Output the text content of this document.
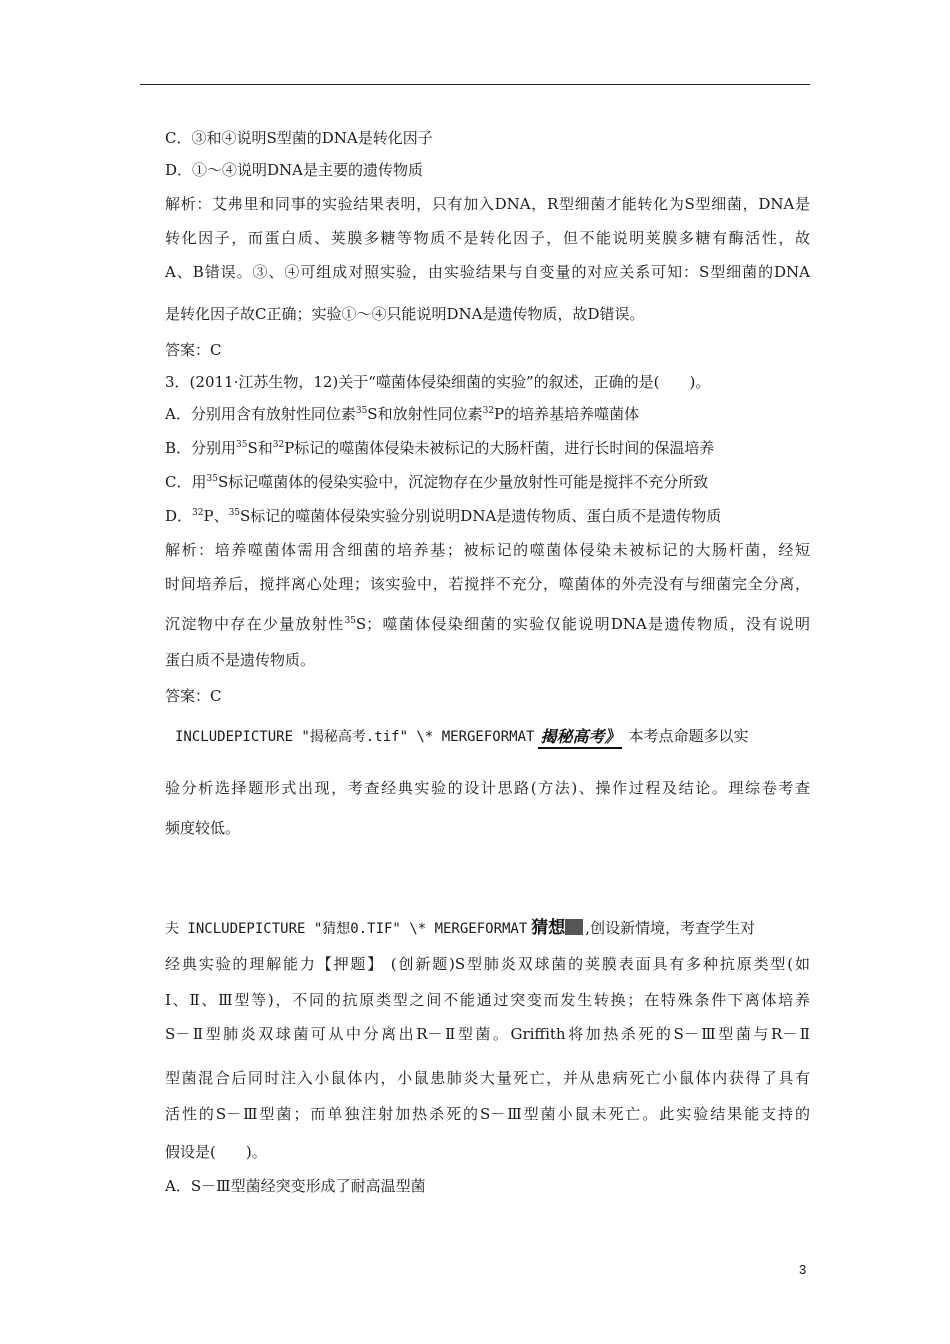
C．③和④说明S型菌的DNA是转化因子
D．①～④说明DNA是主要的遗传物质
解析：艾弗里和同事的实验结果表明，只有加入DNA，R型细菌才能转化为S型细菌，DNA是
转化因子，而蛋白质、荚膜多糖等物质不是转化因子，但不能说明荚膜多糖有酶活性，故
A、B错误。③、④可组成对照实验，由实验结果与自变量的对应关系可知：S型细菌的DNA
是转化因子故C正确；实验①～④只能说明DNA是遗传物质，故D错误。
答案：C
3．(2011·江苏生物，12)关于“噬菌体侵染细菌的实验”的叙述，正确的是(　　)。
A．分别用含有放射性同位素$^{35}$S和放射性同位素$^{32}$P的培养基培养噬菌体
B．分别用$^{35}$S和$^{32}$P标记的噬菌体侵染未被标记的大肠杆菌，进行长时间的保温培养
C．用$^{35}$S标记噬菌体的侵染实验中，沉淀物存在少量放射性可能是搅拌不充分所致
D．$^{32}$P、$^{35}$S标记的噬菌体侵染实验分别说明DNA是遗传物质、蛋白质不是遗传物质
解析：培养噬菌体需用含细菌的培养基；被标记的噬菌体侵染未被标记的大肠杆菌，经短
时间培养后，搅拌离心处理；该实验中，若搅拌不充分，噬菌体的外壳没有与细菌完全分离，
沉淀物中存在少量放射性$^{35}$S；噬菌体侵染细菌的实验仅能说明DNA是遗传物质，没有说明
蛋白质不是遗传物质。
答案：C
INCLUDEPICTURE "揭秘高考.tif" \* MERGEFORMAT 揭秘高考》 本考点命题多以实
验分析选择题形式出现，考查经典实验的设计思路(方法)、操作过程及结论。理综卷考查
频度较低。
夫 INCLUDEPICTURE "猜想0.TIF" \* MERGEFORMAT 猜想 ,创设新情境，考查学生对
经典实验的理解能力【押题】 (创新题)S型肺炎双球菌的荚膜表面具有多种抗原类型(如
Ⅰ、Ⅱ、Ⅲ型等)，不同的抗原类型之间不能通过突变而发生转换；在特殊条件下离体培养
S－Ⅱ型肺炎双球菌可从中分离出R－Ⅱ型菌。Griffith将加热杀死的S－Ⅲ型菌与R－Ⅱ
型菌混合后同时注入小鼠体内，小鼠患肺炎大量死亡，并从患病死亡小鼠体内获得了具有
活性的S－Ⅲ型菌；而单独注射加热杀死的S－Ⅲ型菌小鼠未死亡。此实验结果能支持的
假设是(　　)。
A．S－Ⅲ型菌经突变形成了耐高温型菌
3
